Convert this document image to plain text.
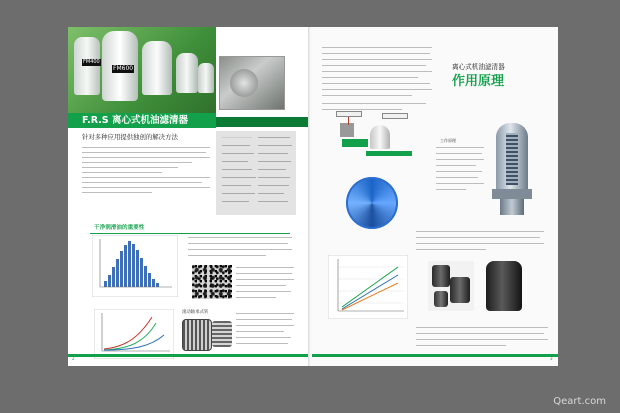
FM400
FM600
F.R.S 离心式机油滤清器
针对多种应用提供独创的解决方法
干净润滑油的重要性
滚动轴承式转
2
离心式机油滤清器
作用原理
工作原理
3
Qeart.com
